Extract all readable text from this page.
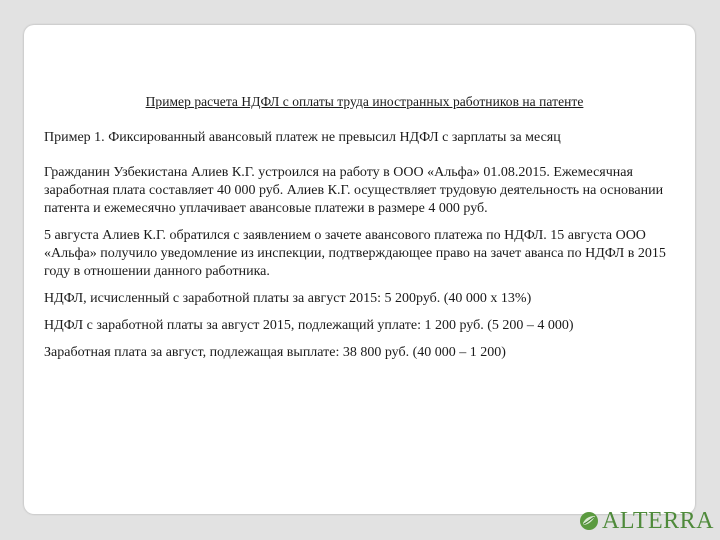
Пример расчета НДФЛ с оплаты труда иностранных работников на патенте

Пример 1. Фиксированный авансовый платеж не превысил НДФЛ с зарплаты за месяц

Гражданин Узбекистана Алиев К.Г. устроился на работу в ООО «Альфа» 01.08.2015. Ежемесячная заработная плата составляет 40 000 руб. Алиев К.Г. осуществляет трудовую деятельность на основании патента и ежемесячно уплачивает авансовые платежи в размере 4 000 руб.

5 августа Алиев К.Г. обратился с заявлением о зачете авансового платежа по НДФЛ. 15 августа ООО «Альфа» получило уведомление из инспекции, подтверждающее право на зачет аванса по НДФЛ в 2015 году в отношении данного работника.

НДФЛ, исчисленный с заработной платы за август 2015: 5 200руб. (40 000 х 13%)

НДФЛ с заработной платы за август 2015, подлежащий уплате: 1 200 руб. (5 200 – 4 000)

Заработная плата за август, подлежащая выплате: 38 800 руб. (40 000 – 1 200)

ALTERRA
